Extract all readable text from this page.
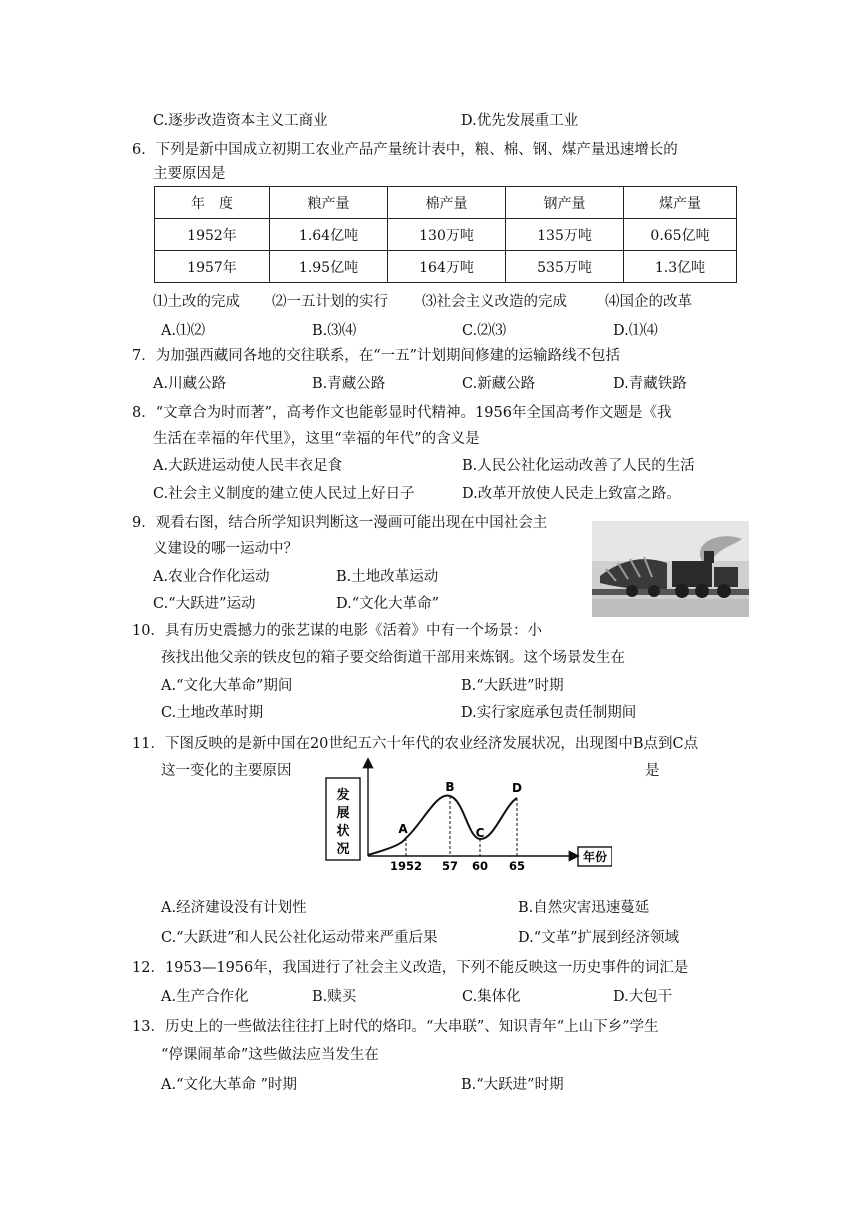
C.逐步改造资本主义工商业	D.优先发展重工业
6．下列是新中国成立初期工农业产品产量统计表中，粮、棉、钢、煤产量迅速增长的
主要原因是
年　度	粮产量	棉产量	钢产量	煤产量
1952年	1.64亿吨	130万吨	135万吨	0.65亿吨
1957年	1.95亿吨	164万吨	535万吨	1.3亿吨
⑴土改的完成 ⑵一五计划的实行 ⑶社会主义改造的完成	⑷国企的改革
A.⑴⑵	B.⑶⑷	C.⑵⑶	D.⑴⑷
7．为加强西藏同各地的交往联系，在“一五”计划期间修建的运输路线不包括
A.川藏公路	B.青藏公路	C.新藏公路	D.青藏铁路
8．“文章合为时而著”，高考作文也能彰显时代精神。1956年全国高考作文题是《我
生活在幸福的年代里》，这里“幸福的年代”的含义是
A.大跃进运动使人民丰衣足食	B.人民公社化运动改善了人民的生活
C.社会主义制度的建立使人民过上好日子	D.改革开放使人民走上致富之路。
9．观看右图，结合所学知识判断这一漫画可能出现在中国社会主
义建设的哪一运动中？
A.农业合作化运动	B.土地改革运动
C.“大跃进”运动	D.“文化大革命”
10．具有历史震撼力的张艺谋的电影《活着》中有一个场景：小
孩找出他父亲的铁皮包的箱子要交给街道干部用来炼钢。这个场景发生在
A.“文化大革命”期间	B.“大跃进”时期
C.土地改革时期	D.实行家庭承包责任制期间
11．下图反映的是新中国在20世纪五六十年代的农业经济发展状况，出现图中B点到C点
这一变化的主要原因	是
发
展
状
况	年份
A
B
C
D
1952 57 60 65
A.经济建设没有计划性	B.自然灾害迅速蔓延
C.“大跃进”和人民公社化运动带来严重后果	D.“文革”扩展到经济领域
12．1953—1956年，我国进行了社会主义改造，下列不能反映这一历史事件的词汇是
A.生产合作化	B.赎买	C.集体化	D.大包干
13．历史上的一些做法往往打上时代的烙印。“大串联”、知识青年“上山下乡”学生
“停课闹革命”这些做法应当发生在
A.“文化大革命 ”时期	B.“大跃进”时期
